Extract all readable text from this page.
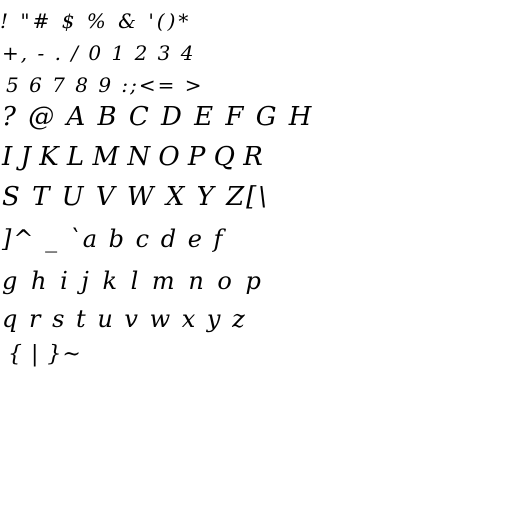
! "# $ % & '()*
+, - . / 0 1 2 3 4
5 6 7 8 9 :;<= >
? @ A B C D E F G H
I J K L M N O P Q R
S T U V W X Y Z[\
]^ _ `a b c d e f
g h i j k l m n o p
q r s t u v w x y z
{ | }~
